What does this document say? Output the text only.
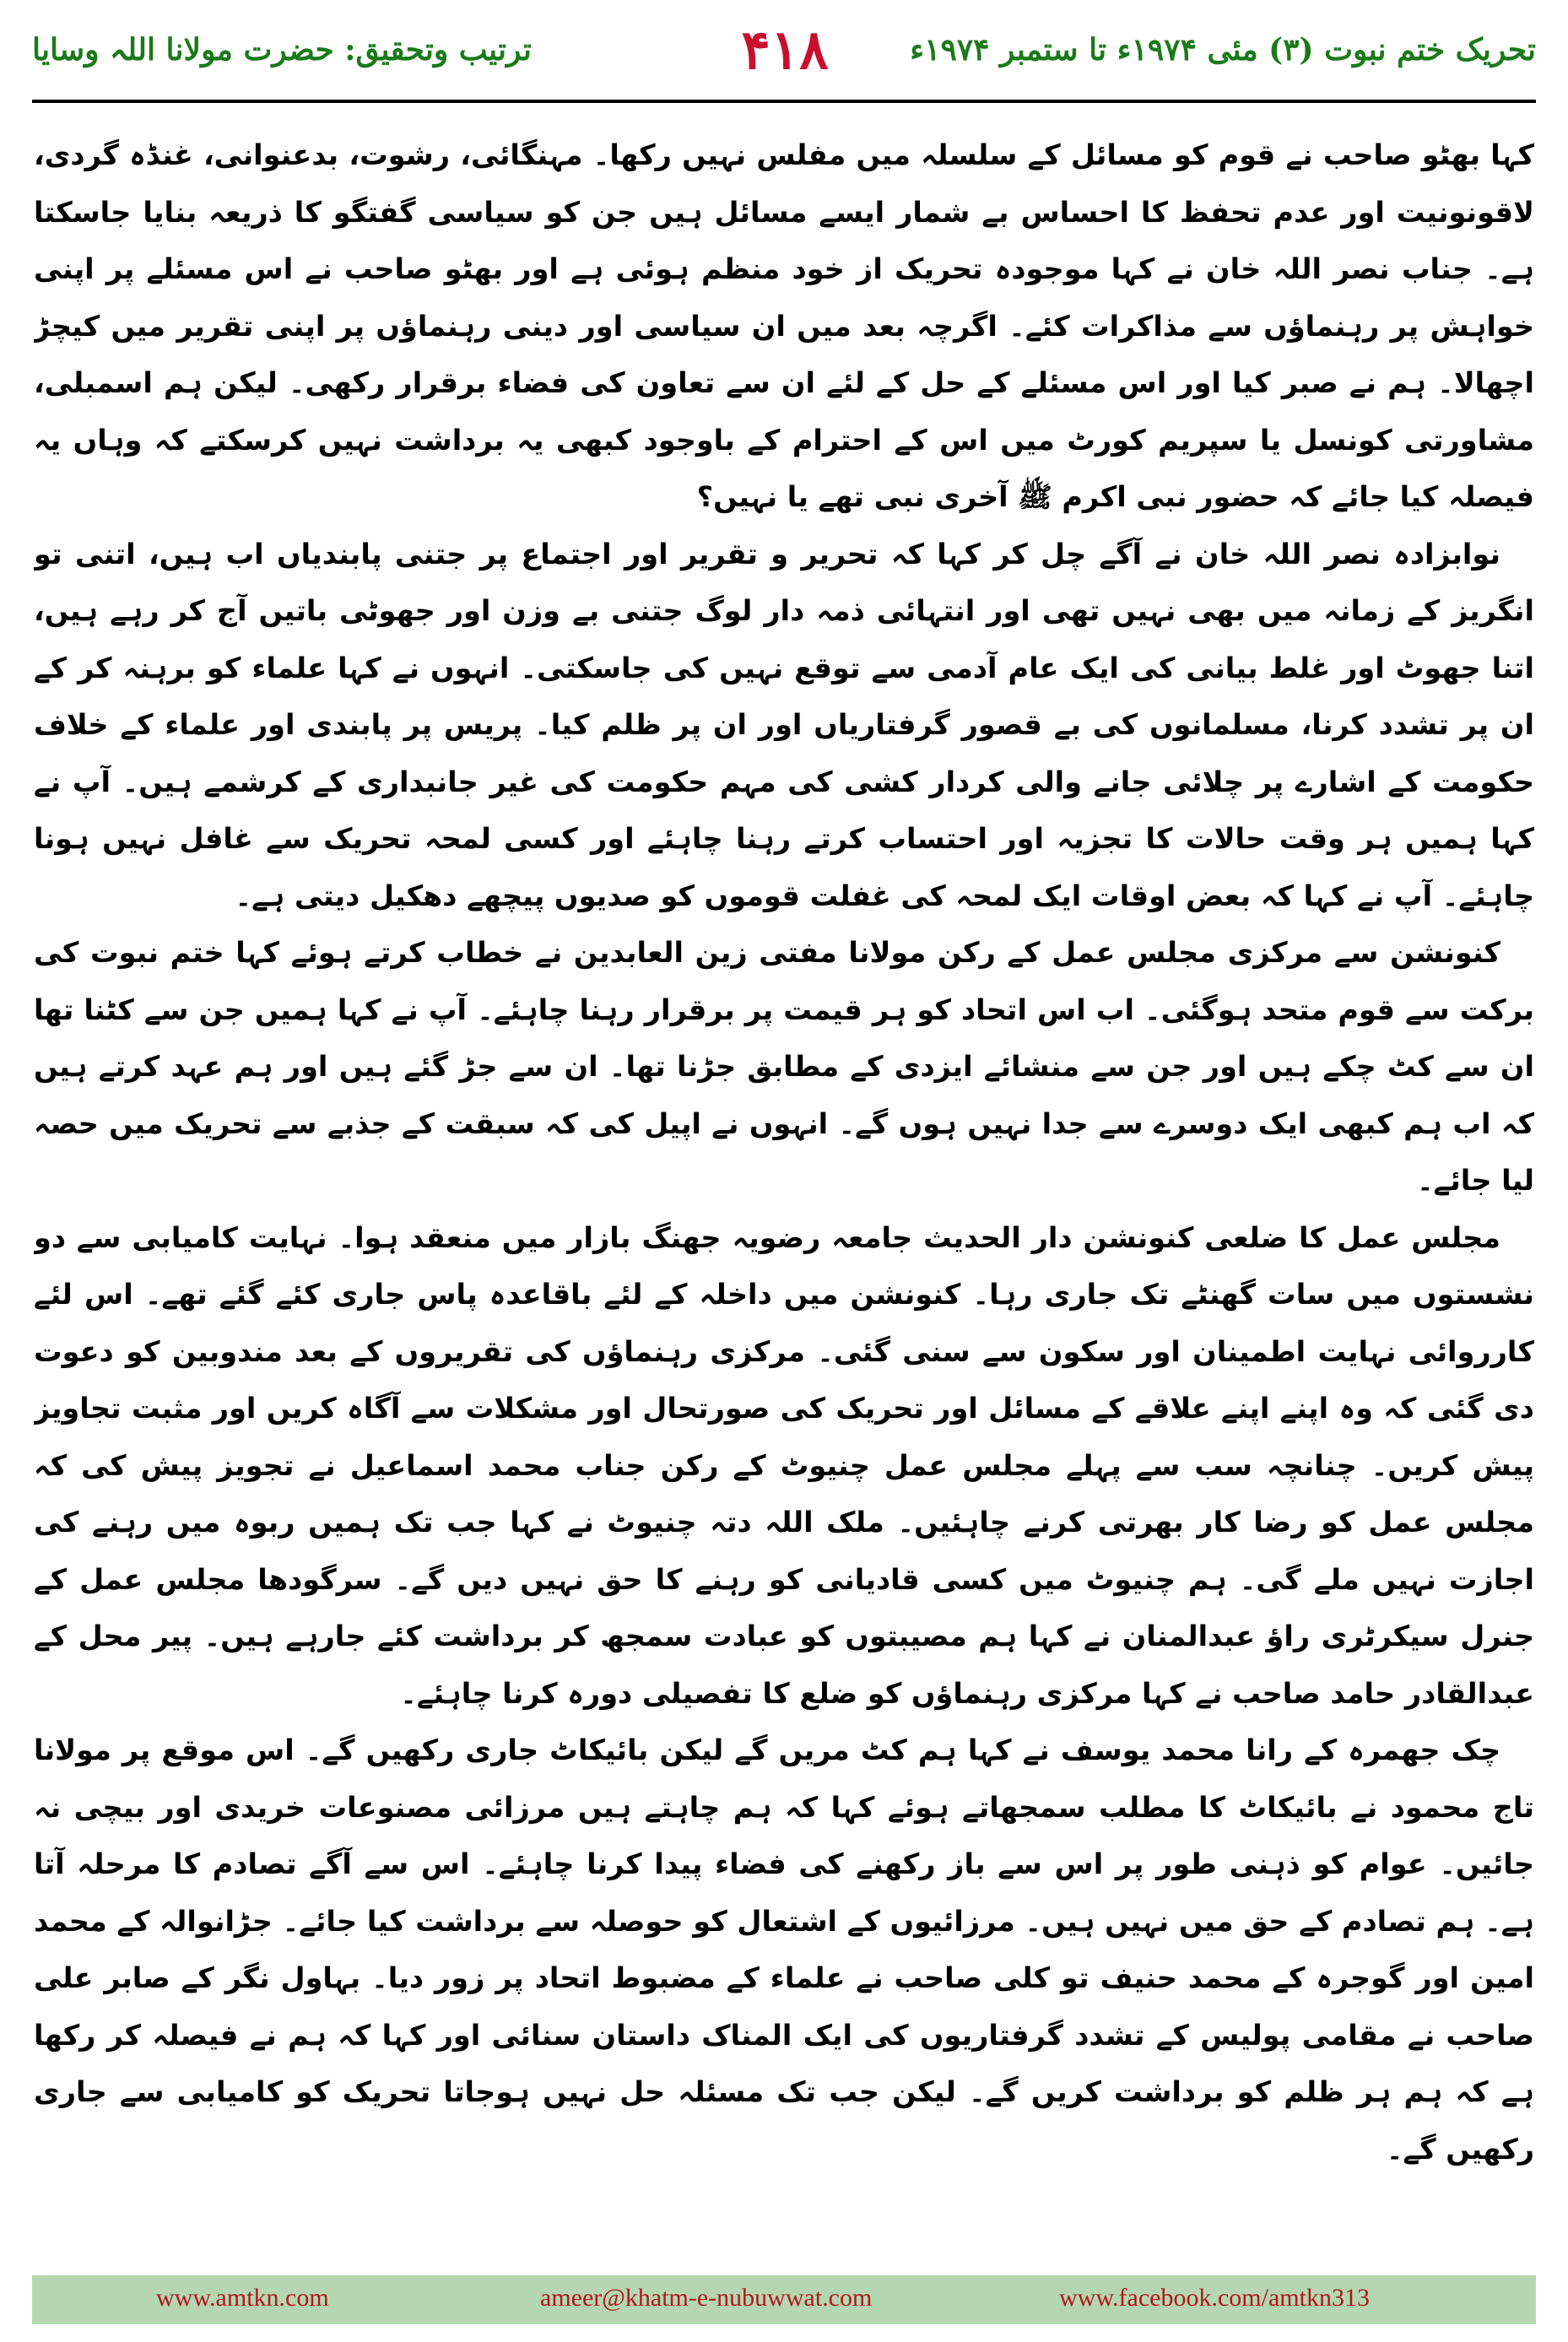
ترتیب وتحقیق: حضرت مولانا اللہ وسایا	۴۱۸	تحریک ختم نبوت (۳) مئی ۱۹۷۴ء تا ستمبر ۱۹۷۴ء

کہا بھٹو صاحب نے قوم کو مسائل کے سلسلہ میں مفلس نہیں رکھا۔ مہنگائی، رشوت، بدعنوانی، غنڈہ گردی، لاقونونیت اور عدم تحفظ کا احساس بے شمار ایسے مسائل ہیں جن کو سیاسی گفتگو کا ذریعہ بنایا جاسکتا ہے۔ جناب نصر اللہ خان نے کہا موجودہ تحریک از خود منظم ہوئی ہے اور بھٹو صاحب نے اس مسئلے پر اپنی خواہش پر رہنماؤں سے مذاکرات کئے۔ اگرچہ بعد میں ان سیاسی اور دینی رہنماؤں پر اپنی تقریر میں کیچڑ اچھالا۔ ہم نے صبر کیا اور اس مسئلے کے حل کے لئے ان سے تعاون کی فضاء برقرار رکھی۔ لیکن ہم اسمبلی، مشاورتی کونسل یا سپریم کورٹ میں اس کے احترام کے باوجود کبھی یہ برداشت نہیں کرسکتے کہ وہاں یہ فیصلہ کیا جائے کہ حضور نبی اکرم ﷺ آخری نبی تھے یا نہیں؟

نوابزادہ نصر اللہ خان نے آگے چل کر کہا کہ تحریر و تقریر اور اجتماع پر جتنی پابندیاں اب ہیں، اتنی تو انگریز کے زمانہ میں بھی نہیں تھی اور انتہائی ذمہ دار لوگ جتنی بے وزن اور جھوٹی باتیں آج کر رہے ہیں، اتنا جھوٹ اور غلط بیانی کی ایک عام آدمی سے توقع نہیں کی جاسکتی۔ انہوں نے کہا علماء کو برہنہ کر کے ان پر تشدد کرنا، مسلمانوں کی بے قصور گرفتاریاں اور ان پر ظلم کیا۔ پریس پر پابندی اور علماء کے خلاف حکومت کے اشارے پر چلائی جانے والی کردار کشی کی مہم حکومت کی غیر جانبداری کے کرشمے ہیں۔ آپ نے کہا ہمیں ہر وقت حالات کا تجزیہ اور احتساب کرتے رہنا چاہئے اور کسی لمحہ تحریک سے غافل نہیں ہونا چاہئے۔ آپ نے کہا کہ بعض اوقات ایک لمحہ کی غفلت قوموں کو صدیوں پیچھے دھکیل دیتی ہے۔

کنونشن سے مرکزی مجلس عمل کے رکن مولانا مفتی زین العابدین نے خطاب کرتے ہوئے کہا ختم نبوت کی برکت سے قوم متحد ہوگئی۔ اب اس اتحاد کو ہر قیمت پر برقرار رہنا چاہئے۔ آپ نے کہا ہمیں جن سے کٹنا تھا ان سے کٹ چکے ہیں اور جن سے منشائے ایزدی کے مطابق جڑنا تھا۔ ان سے جڑ گئے ہیں اور ہم عہد کرتے ہیں کہ اب ہم کبھی ایک دوسرے سے جدا نہیں ہوں گے۔ انہوں نے اپیل کی کہ سبقت کے جذبے سے تحریک میں حصہ لیا جائے۔

مجلس عمل کا ضلعی کنونشن دار الحدیث جامعہ رضویہ جھنگ بازار میں منعقد ہوا۔ نہایت کامیابی سے دو نشستوں میں سات گھنٹے تک جاری رہا۔ کنونشن میں داخلہ کے لئے باقاعدہ پاس جاری کئے گئے تھے۔ اس لئے کارروائی نہایت اطمینان اور سکون سے سنی گئی۔ مرکزی رہنماؤں کی تقریروں کے بعد مندوبین کو دعوت دی گئی کہ وہ اپنے اپنے علاقے کے مسائل اور تحریک کی صورتحال اور مشکلات سے آگاہ کریں اور مثبت تجاویز پیش کریں۔ چنانچہ سب سے پہلے مجلس عمل چنیوٹ کے رکن جناب محمد اسماعیل نے تجویز پیش کی کہ مجلس عمل کو رضا کار بھرتی کرنے چاہئیں۔ ملک اللہ دتہ چنیوٹ نے کہا جب تک ہمیں ربوہ میں رہنے کی اجازت نہیں ملے گی۔ ہم چنیوٹ میں کسی قادیانی کو رہنے کا حق نہیں دیں گے۔ سرگودھا مجلس عمل کے جنرل سیکرٹری راؤ عبدالمنان نے کہا ہم مصیبتوں کو عبادت سمجھ کر برداشت کئے جارہے ہیں۔ پیر محل کے عبدالقادر حامد صاحب نے کہا مرکزی رہنماؤں کو ضلع کا تفصیلی دورہ کرنا چاہئے۔

چک جھمرہ کے رانا محمد یوسف نے کہا ہم کٹ مریں گے لیکن بائیکاٹ جاری رکھیں گے۔ اس موقع پر مولانا تاج محمود نے بائیکاٹ کا مطلب سمجھاتے ہوئے کہا کہ ہم چاہتے ہیں مرزائی مصنوعات خریدی اور بیچی نہ جائیں۔ عوام کو ذہنی طور پر اس سے باز رکھنے کی فضاء پیدا کرنا چاہئے۔ اس سے آگے تصادم کا مرحلہ آتا ہے۔ ہم تصادم کے حق میں نہیں ہیں۔ مرزائیوں کے اشتعال کو حوصلہ سے برداشت کیا جائے۔ جڑانوالہ کے محمد امین اور گوجرہ کے محمد حنیف تو کلی صاحب نے علماء کے مضبوط اتحاد پر زور دیا۔ بہاول نگر کے صابر علی صاحب نے مقامی پولیس کے تشدد گرفتاریوں کی ایک المناک داستان سنائی اور کہا کہ ہم نے فیصلہ کر رکھا ہے کہ ہم ہر ظلم کو برداشت کریں گے۔ لیکن جب تک مسئلہ حل نہیں ہوجاتا تحریک کو کامیابی سے جاری رکھیں گے۔

www.amtkn.com	ameer@khatm-e-nubuwwat.com	www.facebook.com/amtkn313
